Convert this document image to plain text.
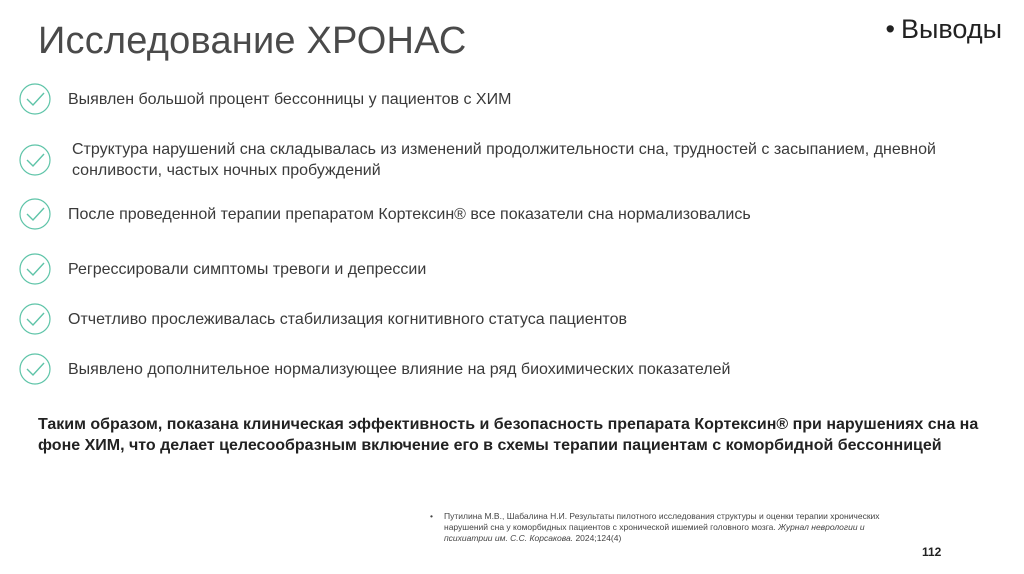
Исследование ХРОНАС	• Выводы
Выявлен большой процент бессонницы у пациентов с ХИМ
Структура нарушений сна складывалась из изменений продолжительности сна, трудностей с засыпанием, дневной сонливости, частых ночных пробуждений
После проведенной терапии препаратом Кортексин® все показатели сна нормализовались
Регрессировали симптомы тревоги и депрессии
Отчетливо прослеживалась стабилизация когнитивного статуса пациентов
Выявлено дополнительное нормализующее влияние на ряд биохимических показателей
Таким образом, показана клиническая эффективность и безопасность препарата Кортексин® при нарушениях сна на фоне ХИМ, что делает целесообразным включение его в схемы терапии пациентам с коморбидной бессонницей
•	Путилина М.В., Шабалина Н.И. Результаты пилотного исследования структуры и оценки терапии хронических нарушений сна у коморбидных пациентов с хронической ишемией головного мозга. Журнал неврологии и психиатрии им. С.С. Корсакова. 2024;124(4)
112
